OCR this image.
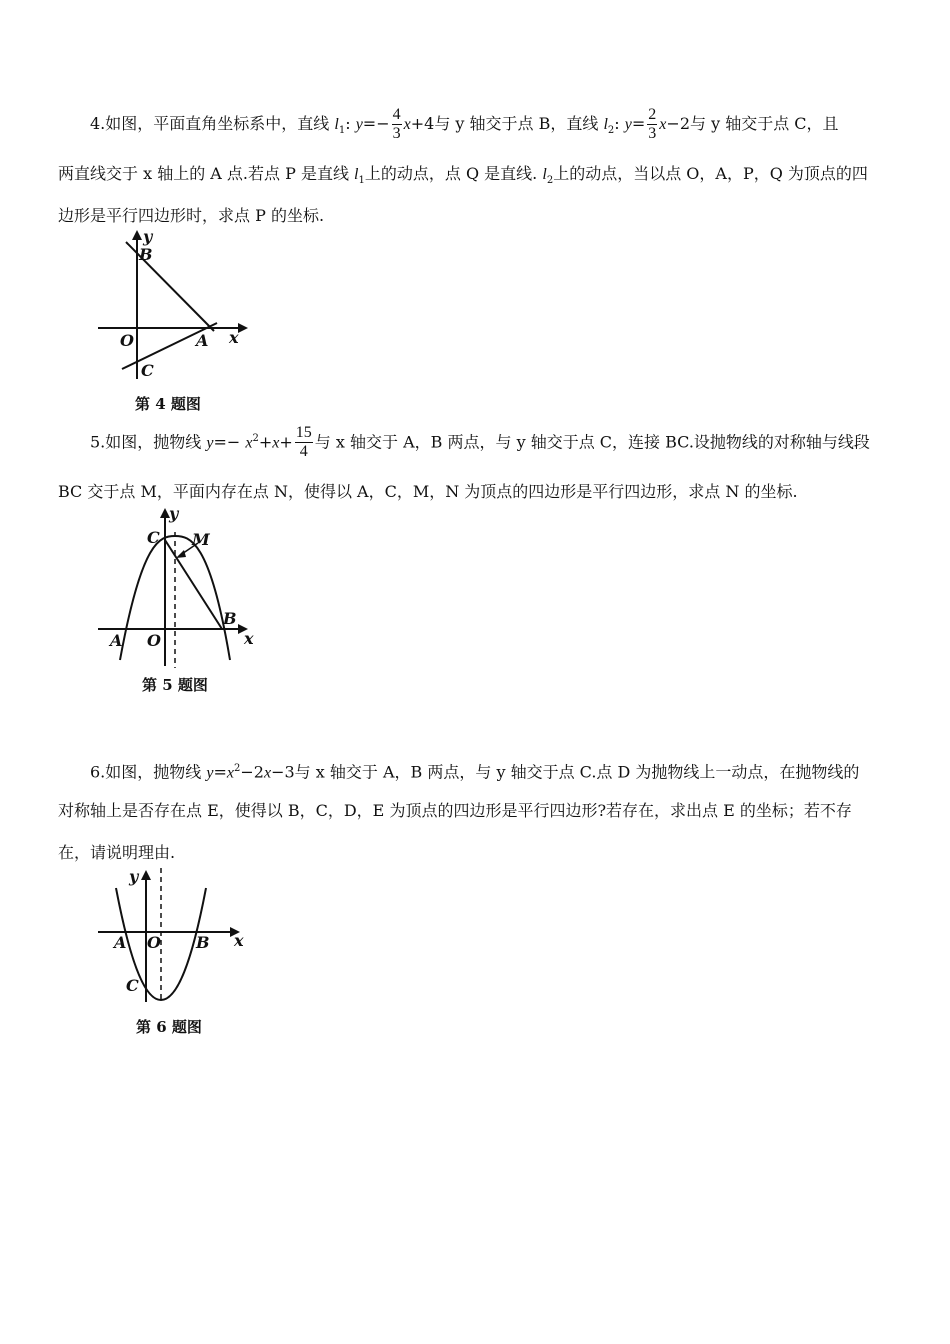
4.如图，平面直角坐标系中，直线 $l_1$: $y=- \frac{4}{3} x+4$与 y 轴交于点 B，直线 $l_2$: $y= \frac{2}{3} x-2$与 y 轴交于点 C，且
两直线交于 x 轴上的 A 点.若点 P 是直线 $l_1$上的动点，点 Q 是直线. $l_2$上的动点，当以点 O，A，P，Q 为顶点的四
边形是平行四边形时，求点 P 的坐标.
y
B
O	A x
C
第 4 题图
5.如图，抛物线 $y=- x^2+x+ \frac{15}{4}$ 与 x 轴交于 A，B 两点，与 y 轴交于点 C，连接 BC.设抛物线的对称轴与线段
BC 交于点 M，平面内存在点 N，使得以 A，C，M，N 为顶点的四边形是平行四边形，求点 N 的坐标.
y
C M
B
A O	x
第 5 题图
6.如图，抛物线 $y=x^2-2x-3$与 x 轴交于 A，B 两点，与 y 轴交于点 C.点 D 为抛物线上一动点，在抛物线的
对称轴上是否存在点 E，使得以 B，C，D，E 为顶点的四边形是平行四边形?若存在，求出点 E 的坐标；若不存
在，请说明理由.
y
A O B x
C
第 6 题图
